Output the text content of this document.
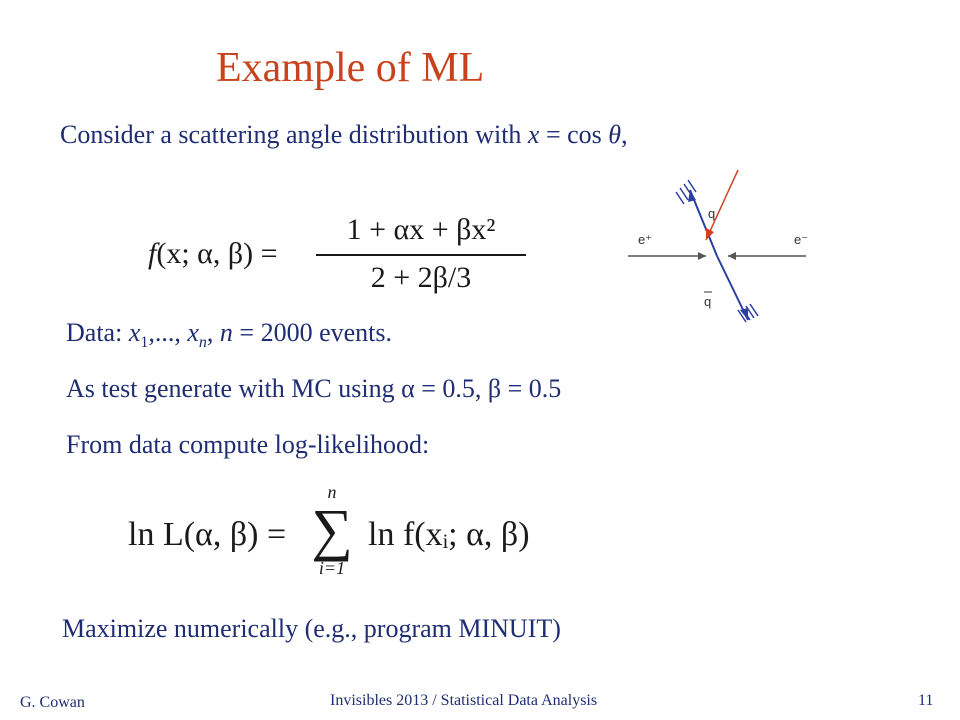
Example of ML
Consider a scattering angle distribution with x = cos θ,
f(x; α, β) =
1 + αx + βx²
2 + 2β/3
q
q
e⁺	e⁻
Data: $x_1$,..., $x_n$, n = 2000 events.
As test generate with MC using α = 0.5, β = 0.5
From data compute log-likelihood:
ln L(α, β) =
n
∑
i=1
ln f(xᵢ; α, β)
Maximize numerically (e.g., program MINUIT)
G. Cowan	Invisibles 2013 / Statistical Data Analysis	11
